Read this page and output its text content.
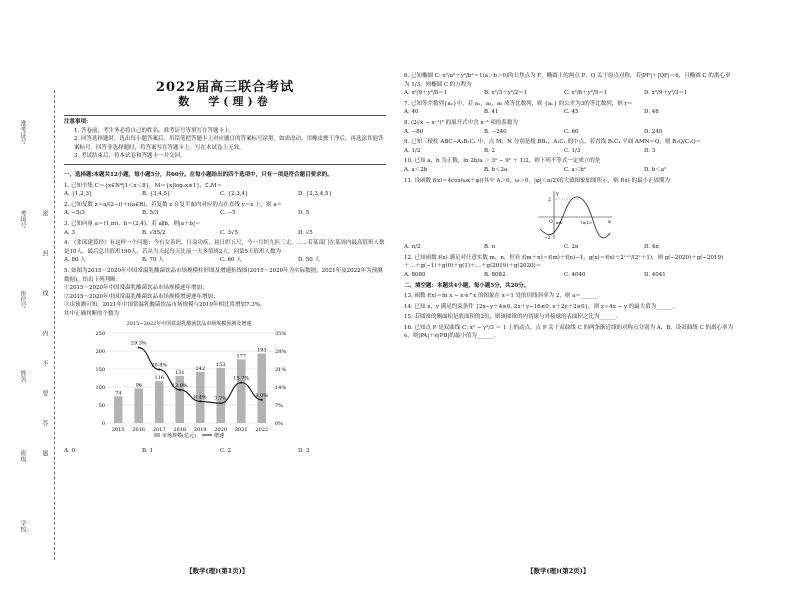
准考证号
考场号
座位号
姓名
班级
学校
密
封
线
内
不
要
答
题
2022届高三联合考试
数　学(理)卷
注意事项:
1. 答卷前，考生务必将自己的姓名、准考证号等填写在答题卡上。
2. 回答选择题时，选出每小题答案后，用铅笔把答题卡上对应题目的答案标号涂黑。如需改动，用橡皮擦干净后，再选涂其他答案标号。回答非选择题时，将答案写在答题卡上。写在本试卷上无效。
3. 考试结束后，将本试卷和答题卡一并交回。
一、选择题:本题共12小题，每小题5分，共60分。在每小题给出的四个选项中，只有一项是符合题目要求的。
1. 已知全集 C＝{x∈N*|1＜x＜8}，M＝{x|log₂x≥1}，∁ᵤM＝
A. {1,2,3}	B. {3,4,5}	C. {2,3,4}	D. {2,3,4,5}
2. 已知复数 z＝a/(2−i)＋i(a∈R)，若复数 z 在复平面内对应的点在直线 y＝x 上，则 a＝
A. −5/3	B. 5/3	C. −5	D. 5
3. 已知向量 a＝(1,m)，b＝(2,4)，若 a∥b，则|a＋b|＝
A. 3	B. √85/2	C. 3√5	D. √5
4. 《张邱建算经》有这样一个问题：今有女善织，日益功疾，初日织五尺，今一月织九匹三丈。……若某部门在某周内最高值班人数是10人，最后总共值班190人，若从当天起每天比前一天多值班2人，问第5天值班人数为
A. 80 人	B. 70 人	C. 60 人	D. 50 人
5. 如图为2015～2020年中国常温乳酸菌饮品市场规模柱形图及增速折线图(2015～2020年为实际数据，2021年及2022年为预测数据)，给出下列判断：
①2015～2020年中国常温乳酸菌饮品市场规模逐年增加；
②2015～2020年中国常温乳酸菌饮品市场规模增速逐年增加；
③由预测可知，2021年中国常温乳酸菌饮品市场规模与2019年相比将增加7.3%。
其中正确判断的个数为
2015−2022年中国常温乳酸菌饮品市场规模预测及增速
0
50
100
150
200
250
0%
7%
14%
21%
28%
35%
74
2015
96
2016
116
2017
131
2018
142
2019
153
2020
177
2021
193
2022
29.3%
20.8%
12.9%
8.4% 7.7%
15.7%
9.0%
市场规模(亿元)	增速
A. 0	B. 1	C. 2	D. 3
6. 已知椭圆 C: x²/a²＋y²/b²＝1(a＞b＞0)的右焦点为 F，椭圆上的两点 P、Q 关于原点对称，若|PF|＋|QF|＝6，且椭圆 C 的离心率为 1/3，则椭圆 C 的方程为
A. x²/9＋y²/8＝1	B. x²/3＋y²/2＝1	C. x²/6＋y²/5＝1	D. x²/9＋y²/3＝1
7. 已知等差数列{aₙ}中，若 a₁，a₃，a₉ 成等比数列，则 {aₙ} 的公差为3的等比数列，则 r＝
A. 40	B. 41	C. 45	D. 48
8. (2√x − x⁻¹)⁶ 的展开式中含 x⁻³ 项的系数为
A. −80	B. −240	C. 60	D. 240
9. 已知三棱柱 ABC−A₁B₁C₁ 中，点 M，N 分别是棱 BB₁，A₁C₁ 的中点，若直线 B₁C₁ 平面 AMN＝Q，则 B₁Q/C₁Q＝
A. 1/2	B. 2	C. 1/3	D. 3
10. 已知 a，b 为正数，ln 2b/a ＞ 3ᵃ − 9ᵇ ＋ 1/2，则下列不等式一定成立的是
A. a＜2b	B. b＜2a	C. a＜b²	D. b＜a²
11. 设函数 f(x)＝4cos(ωx＋φ)(其中 A＞0，ω＞0，|φ|＜π/2)的大致图象如图所示，则 f(x) 的最小正周期为
y
x
O
2
−2
π/6	7π/12
A. π/2	B. π	C. 2π	D. 4π
12. 已知函数 f(x) 满足对任意实数 m，n，恒有 f(m＋n)＝f(m)＋f(n)−1，g(x)＝f(x)＋2ˣ⁺¹/(2ˣ＋1)，则 g(−2020)＋g(−2019)＋…＋g(−1)＋g(0)＋g(1)＋…＋g(2019)＋g(2020)＝
A. 8080	B. 8082	C. 4040	D. 4041
二、填空题：本题共4小题，每小题5分，共20分。
13. 函数 f(x)＝ln x − x·e^x 的图象在 x＝1 处的切线斜率为 2，则 a＝______。
14. 已知 x，y 满足约束条件 {2x−y＋4≥0, 2x＋y−16≤0, x＋2y＋2≥0}，则 z＝4x − y 的最大值为______。
15. 若圆锥的侧面积是底面积的2倍，则该圆锥的内切球与外接球的表面积之比为______。
16. 已知点 P 是双曲线 C: x² − y²/3 ＝ 1 上的动点，点 P 关于双曲线 C 的两条渐近线的对称点分别为 A，B，设双曲线 C 的离心率为 e，则|PA|＋e|PB|的最小值为______。
【数学(理)(第1页)】	【数学(理)(第2页)】
